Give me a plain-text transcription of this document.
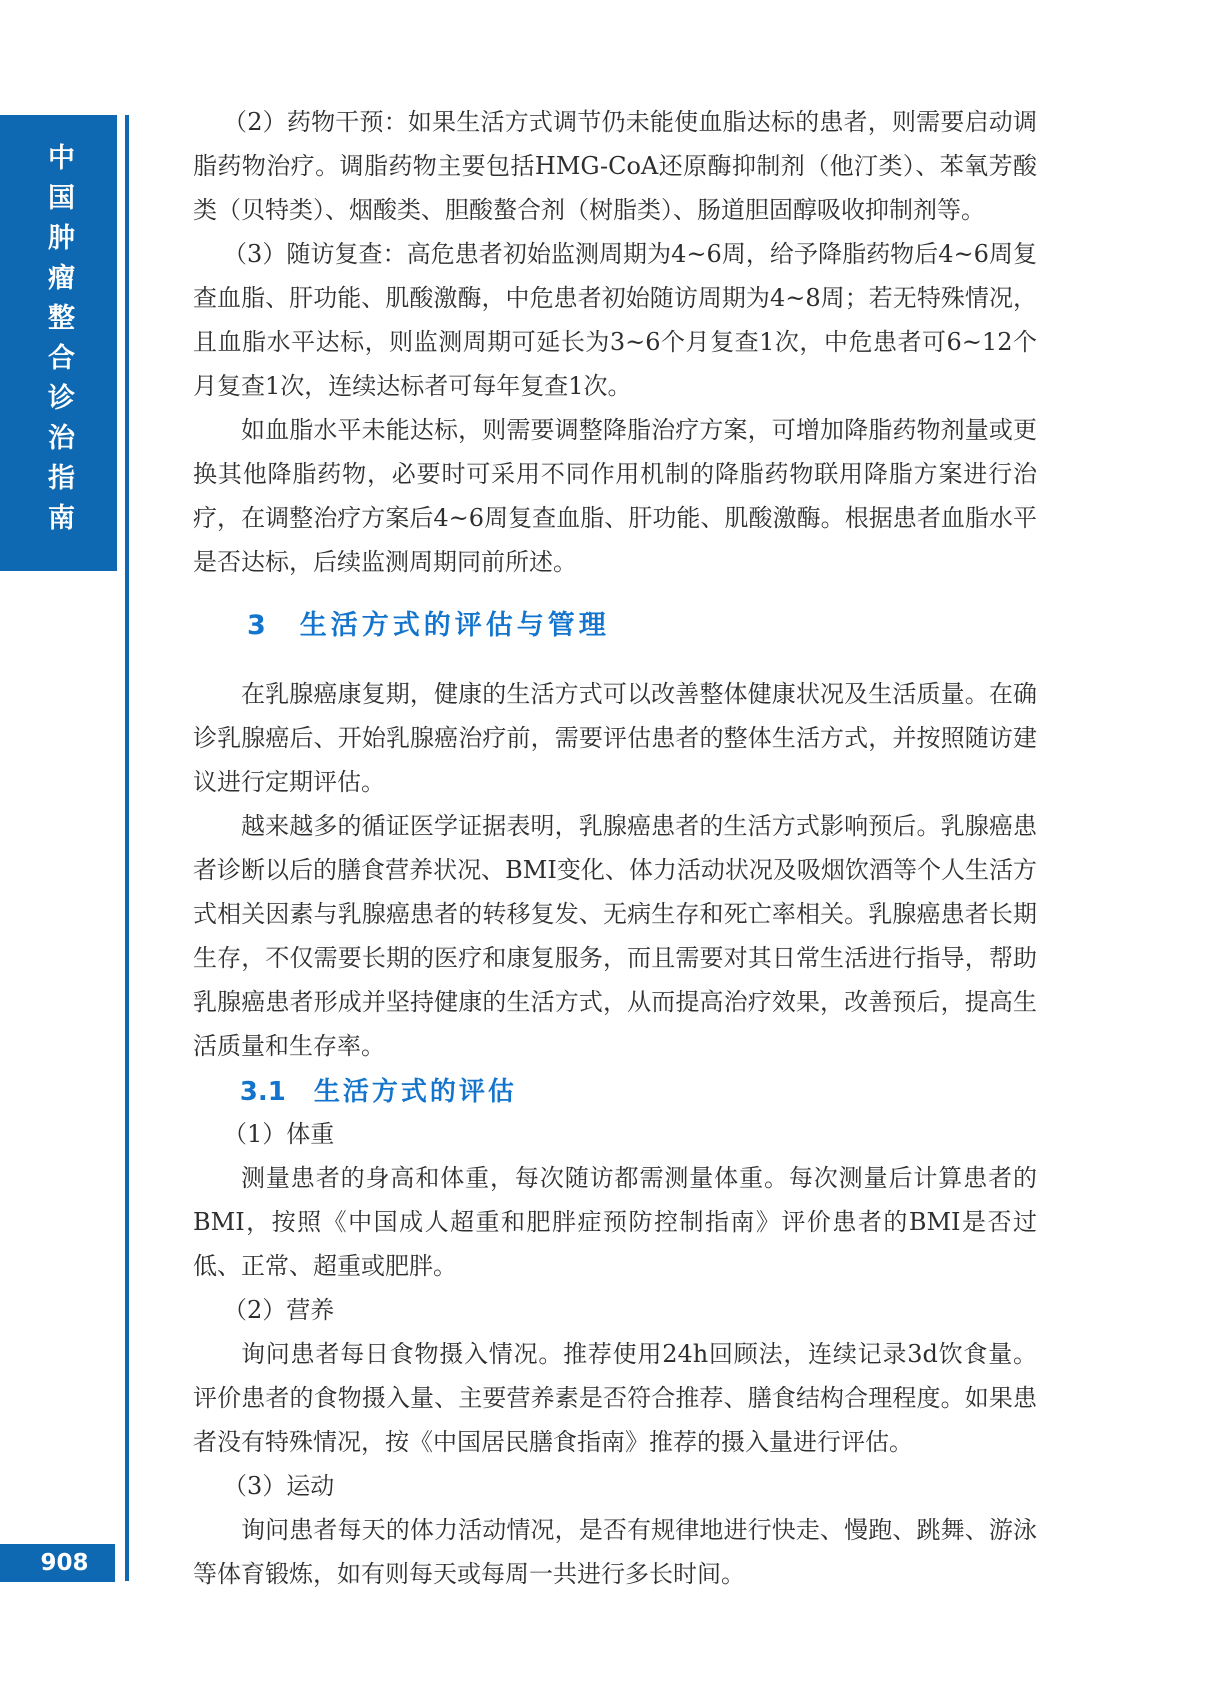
中国肿瘤整合诊治指南
908

（2）药物干预：如果生活方式调节仍未能使血脂达标的患者，则需要启动调脂药物治疗。调脂药物主要包括HMG-CoA还原酶抑制剂（他汀类）、苯氧芳酸类（贝特类）、烟酸类、胆酸螯合剂（树脂类）、肠道胆固醇吸收抑制剂等。

（3）随访复查：高危患者初始监测周期为4~6周，给予降脂药物后4~6周复查血脂、肝功能、肌酸激酶，中危患者初始随访周期为4~8周；若无特殊情况，且血脂水平达标，则监测周期可延长为3~6个月复查1次，中危患者可6~12个月复查1次，连续达标者可每年复查1次。

如血脂水平未能达标，则需要调整降脂治疗方案，可增加降脂药物剂量或更换其他降脂药物，必要时可采用不同作用机制的降脂药物联用降脂方案进行治疗，在调整治疗方案后4~6周复查血脂、肝功能、肌酸激酶。根据患者血脂水平是否达标，后续监测周期同前所述。

3 生活方式的评估与管理

在乳腺癌康复期，健康的生活方式可以改善整体健康状况及生活质量。在确诊乳腺癌后、开始乳腺癌治疗前，需要评估患者的整体生活方式，并按照随访建议进行定期评估。

越来越多的循证医学证据表明，乳腺癌患者的生活方式影响预后。乳腺癌患者诊断以后的膳食营养状况、BMI变化、体力活动状况及吸烟饮酒等个人生活方式相关因素与乳腺癌患者的转移复发、无病生存和死亡率相关。乳腺癌患者长期生存，不仅需要长期的医疗和康复服务，而且需要对其日常生活进行指导，帮助乳腺癌患者形成并坚持健康的生活方式，从而提高治疗效果，改善预后，提高生活质量和生存率。

3.1 生活方式的评估

（1）体重

测量患者的身高和体重，每次随访都需测量体重。每次测量后计算患者的BMI，按照《中国成人超重和肥胖症预防控制指南》评价患者的BMI是否过低、正常、超重或肥胖。

（2）营养

询问患者每日食物摄入情况。推荐使用24h回顾法，连续记录3d饮食量。评价患者的食物摄入量、主要营养素是否符合推荐、膳食结构合理程度。如果患者没有特殊情况，按《中国居民膳食指南》推荐的摄入量进行评估。

（3）运动

询问患者每天的体力活动情况，是否有规律地进行快走、慢跑、跳舞、游泳等体育锻炼，如有则每天或每周一共进行多长时间。
